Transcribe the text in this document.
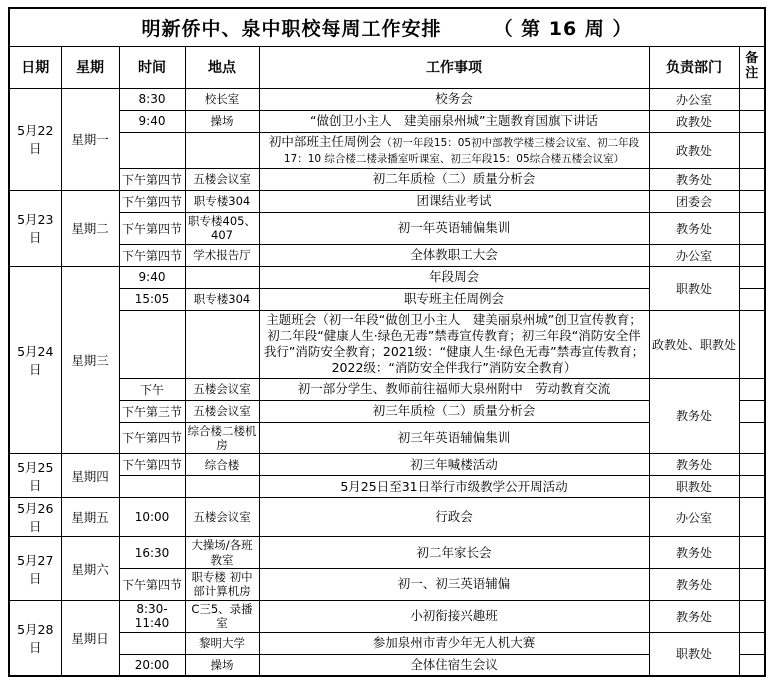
明新侨中、泉中职校每周工作安排 （ 第 16 周 ）						
日期	星期	时间	地点	工作事项	负责部门	备注
5月22日	星期一	8:30	校长室	校务会	办公室	
		9:40	操场	“做创卫小主人　建美丽泉州城”主题教育国旗下讲话	政教处	
				初中部班主任周例会（初一年段15：05初中部教学楼三楼会议室、初二年段17：10 综合楼二楼录播室听课室、初三年段15：05综合楼五楼会议室）	政教处	
		下午第四节	五楼会议室	初二年质检（二）质量分析会	教务处	
5月23日	星期二	下午第四节	职专楼304	团课结业考试	团委会	
		下午第四节	职专楼405、407	初一年英语辅偏集训	教务处	
		下午第四节	学术报告厅	全体教职工大会	办公室	
5月24日	星期三	9:40		年段周会	职教处	
		15:05	职专楼304	职专班主任周例会		
				主题班会（初一年段“做创卫小主人　建美丽泉州城”创卫宣传教育；初二年段“健康人生·绿色无毒”禁毒宣传教育；初三年段“消防安全伴我行”消防安全教育；2021级：“健康人生·绿色无毒”禁毒宣传教育；2022级：“消防安全伴我行”消防安全教育）	政教处、职教处	
		下午	五楼会议室	初一部分学生、教师前往福师大泉州附中　劳动教育交流	教务处	
		下午第三节	五楼会议室	初三年质检（二）质量分析会		
		下午第四节	综合楼二楼机房	初三年英语辅偏集训		
5月25日	星期四	下午第四节	综合楼	初三年喊楼活动	教务处	
				5月25日至31日举行市级教学公开周活动	职教处	
5月26日	星期五	10:00	五楼会议室	行政会	办公室	
5月27日	星期六	16:30	大操场/各班教室	初二年家长会	教务处	
		下午第四节	职专楼 初中部计算机房	初一、初三英语辅偏	教务处	
5月28日	星期日	8:30-11:40	C三5、录播室	小初衔接兴趣班	教务处	
			黎明大学	参加泉州市青少年无人机大赛	职教处	
		20:00	操场	全体住宿生会议		
